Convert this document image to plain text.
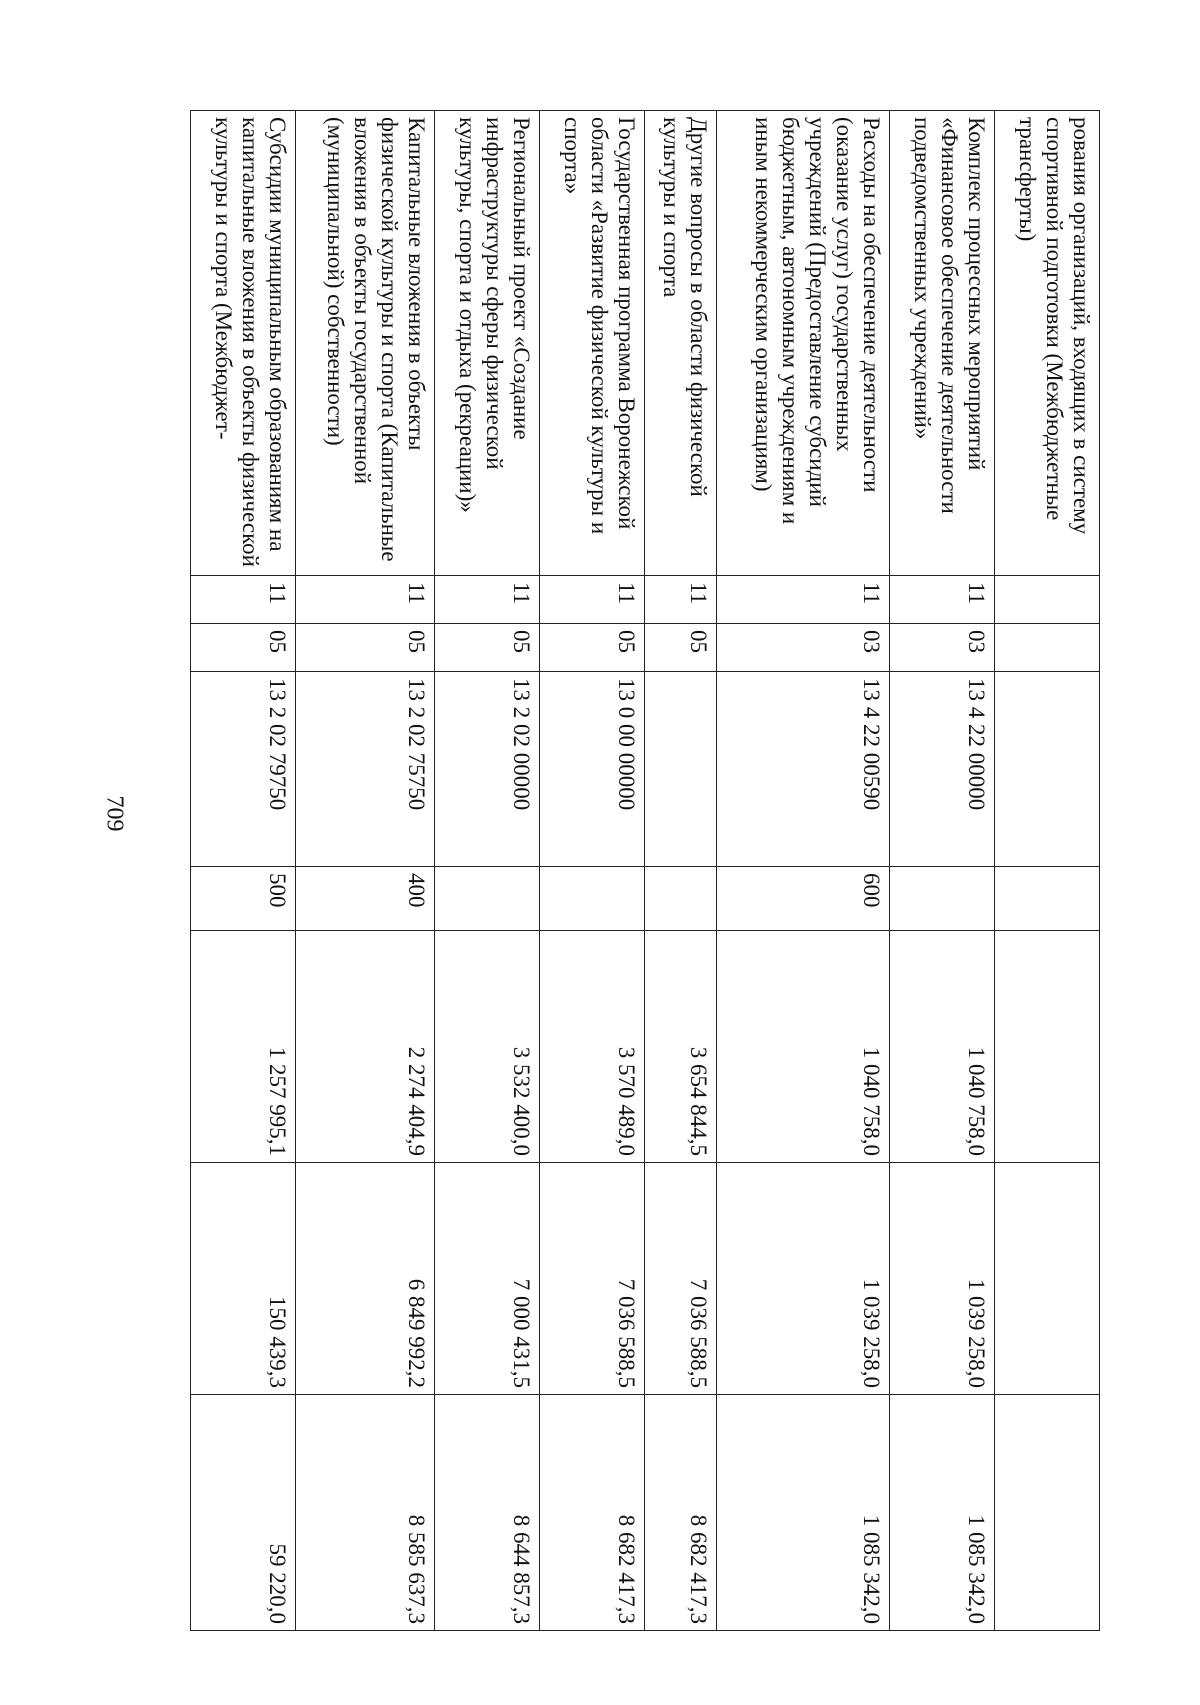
709
рования организаций, входящих в систему спортивной подготовки (Межбюджетные трансферты)							
Комплекс процессных мероприятий «Финансовое обеспечение деятельности подведомственных учреждений»	11	03	13 4 22 00000		1 040 758,0	1 039 258,0	1 085 342,0
Расходы на обеспечение деятельности (оказание услуг) государственных учреждений (Предоставление субсидий бюджетным, автономным учреждениям и иным некоммерческим организациям)	11	03	13 4 22 00590	600	1 040 758,0	1 039 258,0	1 085 342,0
Другие вопросы в области физической культуры и спорта	11	05			3 654 844,5	7 036 588,5	8 682 417,3
Государственная программа Воронежской области «Развитие физической культуры и спорта»	11	05	13 0 00 00000		3 570 489,0	7 036 588,5	8 682 417,3
Региональный проект «Создание инфраструктуры сферы физической культуры, спорта и отдыха (рекреации)»	11	05	13 2 02 00000		3 532 400,0	7 000 431,5	8 644 857,3
Капитальные вложения в объекты физической культуры и спорта (Капитальные вложения в объекты государственной (муниципальной) собственности)	11	05	13 2 02 75750	400	2 274 404,9	6 849 992,2	8 585 637,3
Субсидии муниципальным образованиям на капитальные вложения в объекты физической культуры и спорта (Межбюджет-	11	05	13 2 02 79750	500	1 257 995,1	150 439,3	59 220,0
